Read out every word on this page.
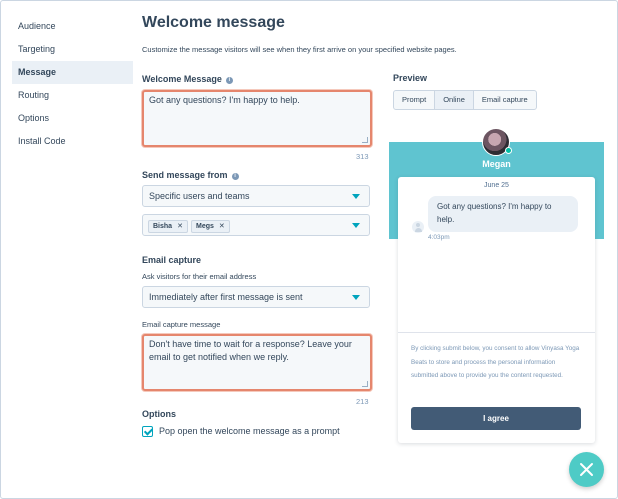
Audience
Targeting
Message
Routing
Options
Install Code
Welcome message

Customize the message visitors will see when they first arrive on your specified website pages.

Welcome Message i
Got any questions? I'm happy to help.
313
Send message from i
Specific users and teams
Bisha ✕	Megs ✕
Email capture
Ask visitors for their email address
Immediately after first message is sent
Email capture message
Don't have time to wait for a response? Leave your email to get notified when we reply.
213
Options
Pop open the welcome message as a prompt
Preview
Prompt	Online	Email capture
Megan
June 25
Got any questions? I'm happy to help.
4:03pm
By clicking submit below, you consent to allow Vinyasa Yoga Beats to store and process the personal information submitted above to provide you the content requested.
I agree
